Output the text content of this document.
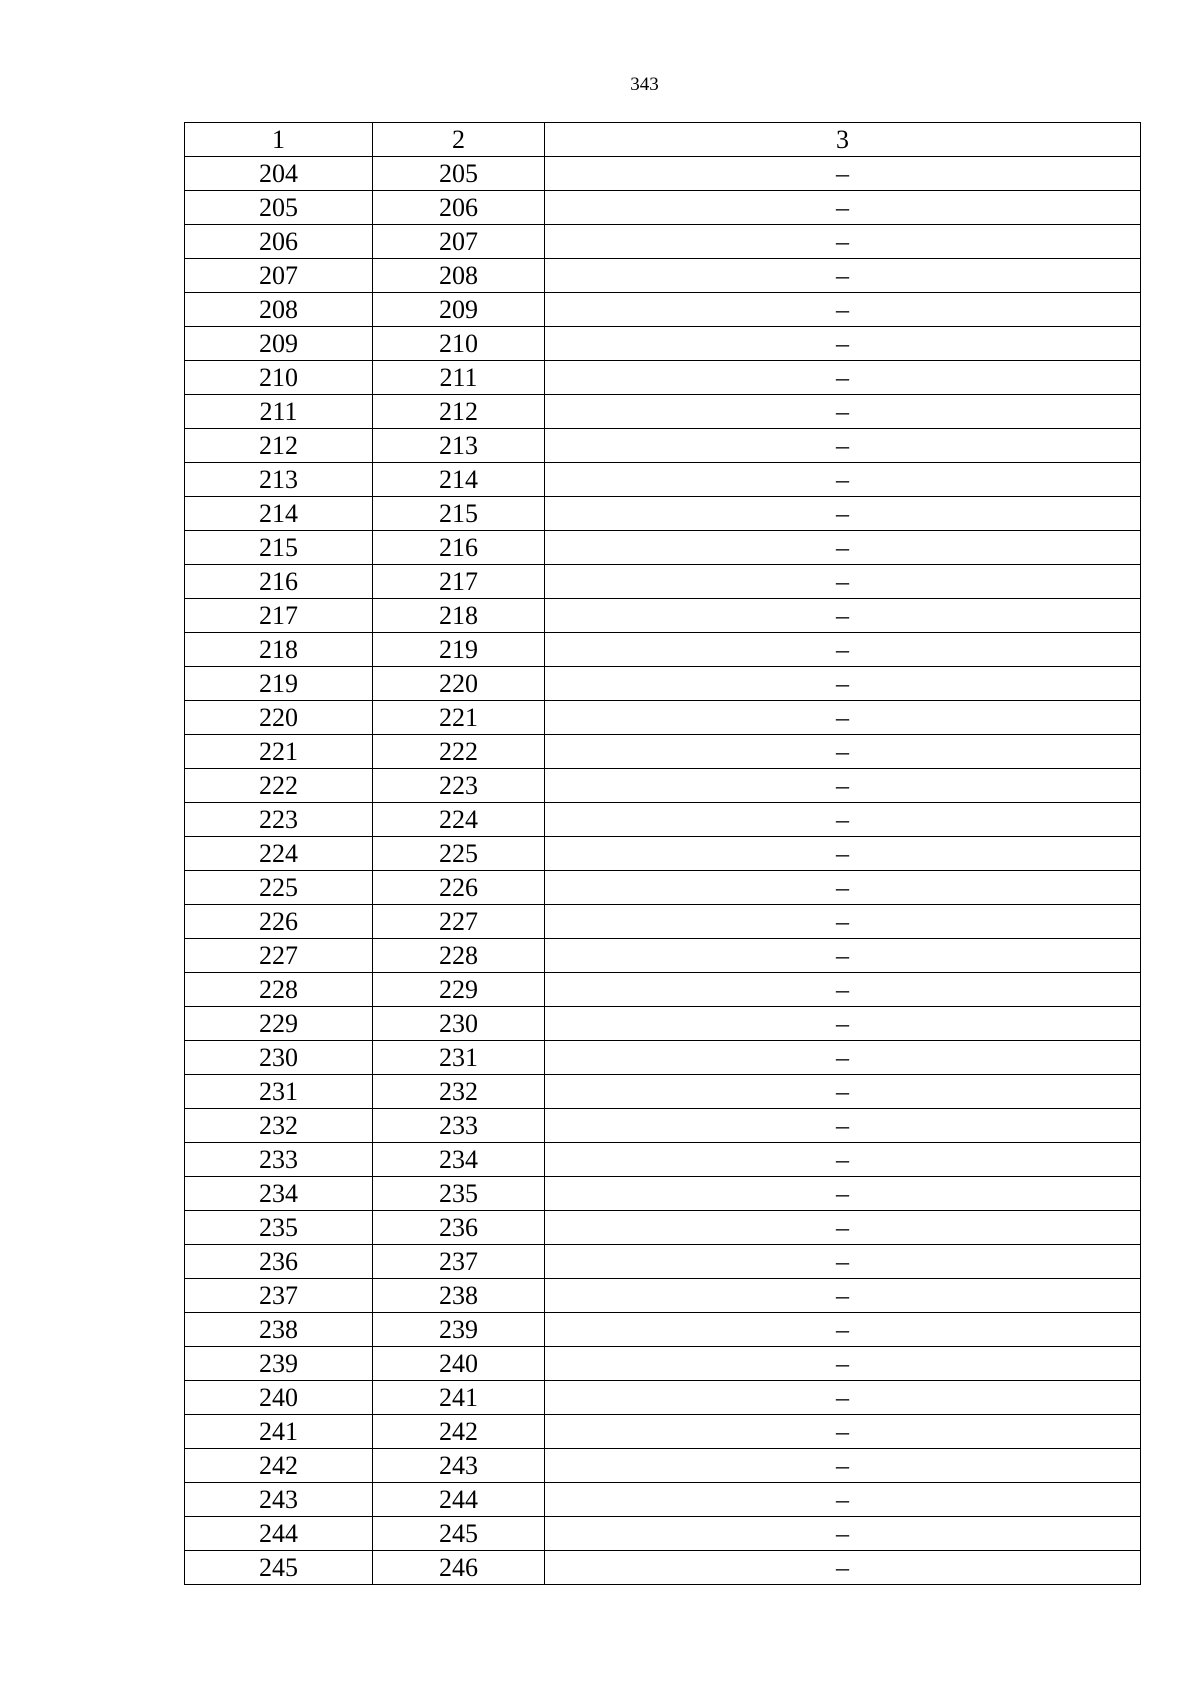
343
1	2	3
204	205	–
205	206	–
206	207	–
207	208	–
208	209	–
209	210	–
210	211	–
211	212	–
212	213	–
213	214	–
214	215	–
215	216	–
216	217	–
217	218	–
218	219	–
219	220	–
220	221	–
221	222	–
222	223	–
223	224	–
224	225	–
225	226	–
226	227	–
227	228	–
228	229	–
229	230	–
230	231	–
231	232	–
232	233	–
233	234	–
234	235	–
235	236	–
236	237	–
237	238	–
238	239	–
239	240	–
240	241	–
241	242	–
242	243	–
243	244	–
244	245	–
245	246	–
